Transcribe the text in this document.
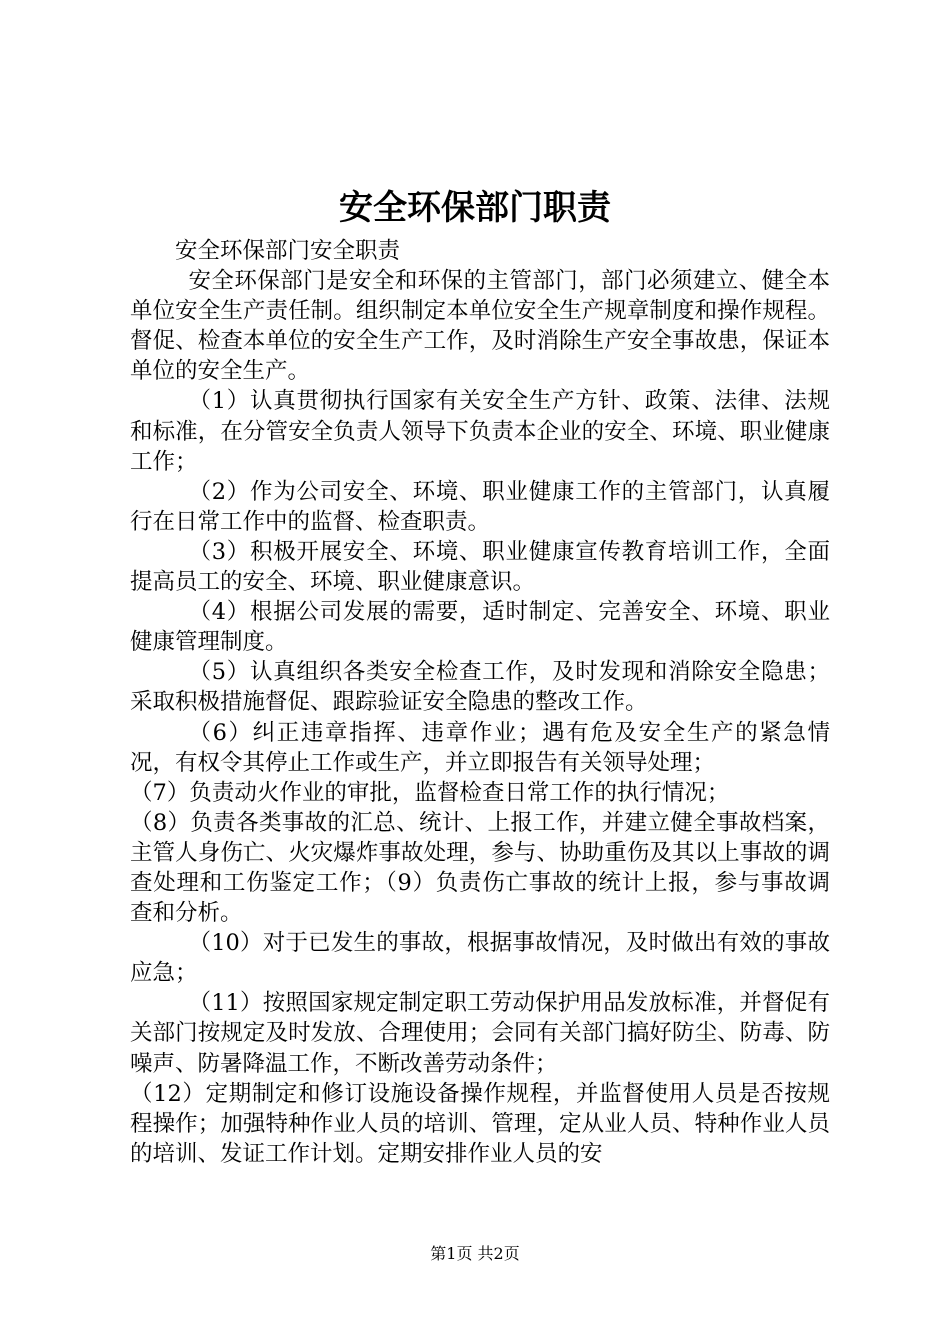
安全环保部门职责

安全环保部门安全职责

安全环保部门是安全和环保的主管部门，部门必须建立、健全本单位安全生产责任制。组织制定本单位安全生产规章制度和操作规程。督促、检查本单位的安全生产工作，及时消除生产安全事故患，保证本单位的安全生产。

（1）认真贯彻执行国家有关安全生产方针、政策、法律、法规和标准，在分管安全负责人领导下负责本企业的安全、环境、职业健康工作；

（2）作为公司安全、环境、职业健康工作的主管部门，认真履行在日常工作中的监督、检查职责。

（3）积极开展安全、环境、职业健康宣传教育培训工作，全面提高员工的安全、环境、职业健康意识。

（4）根据公司发展的需要，适时制定、完善安全、环境、职业健康管理制度。

（5）认真组织各类安全检查工作，及时发现和消除安全隐患；采取积极措施督促、跟踪验证安全隐患的整改工作。

（6）纠正违章指挥、违章作业；遇有危及安全生产的紧急情况，有权令其停止工作或生产，并立即报告有关领导处理；

（7）负责动火作业的审批，监督检查日常工作的执行情况；

（8）负责各类事故的汇总、统计、上报工作，并建立健全事故档案，主管人身伤亡、火灾爆炸事故处理，参与、协助重伤及其以上事故的调查处理和工伤鉴定工作；（9）负责伤亡事故的统计上报，参与事故调查和分析。

（10）对于已发生的事故，根据事故情况，及时做出有效的事故应急；

（11）按照国家规定制定职工劳动保护用品发放标准，并督促有关部门按规定及时发放、合理使用；会同有关部门搞好防尘、防毒、防噪声、防暑降温工作，不断改善劳动条件；

（12）定期制定和修订设施设备操作规程，并监督使用人员是否按规程操作；加强特种作业人员的培训、管理，定从业人员、特种作业人员的培训、发证工作计划。定期安排作业人员的安

第1页 共2页
